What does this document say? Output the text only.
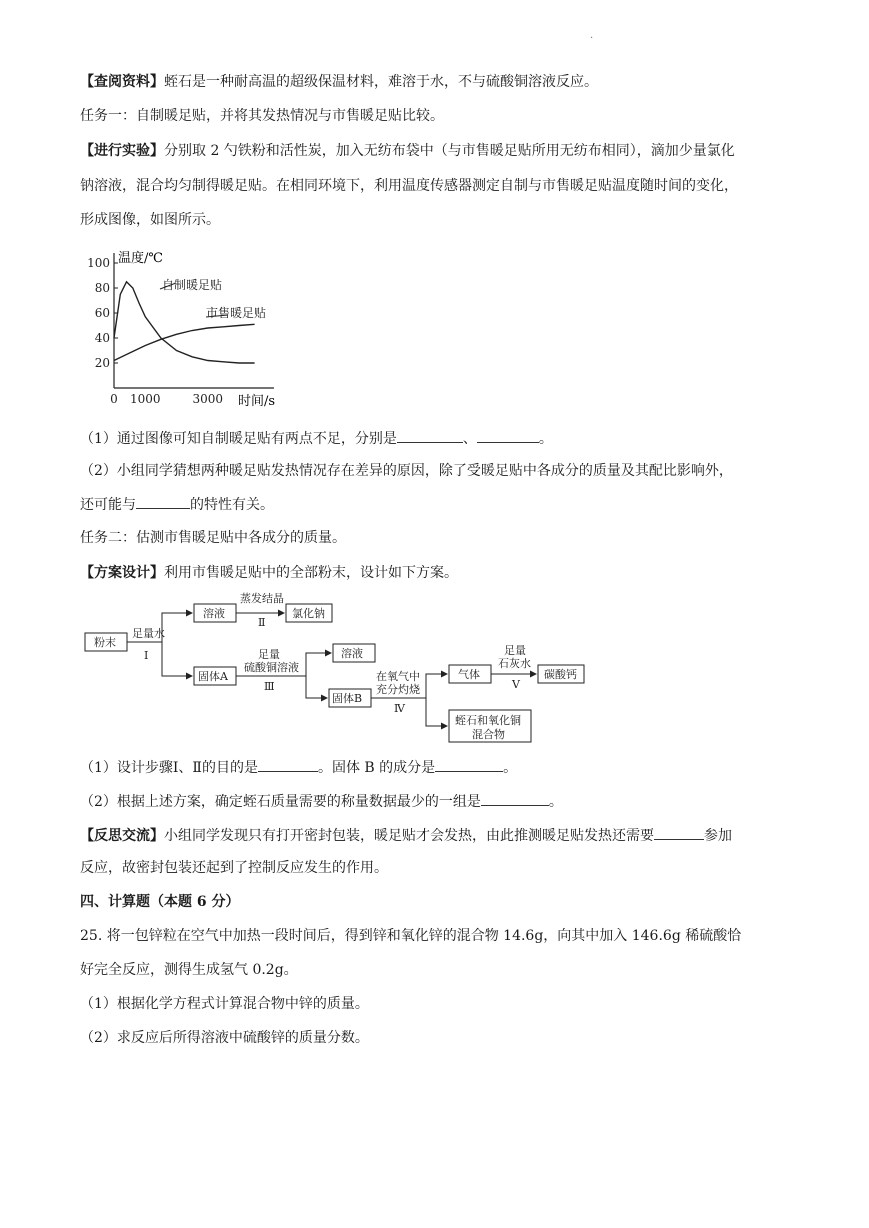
.
【查阅资料】蛭石是一种耐高温的超级保温材料，难溶于水，不与硫酸铜溶液反应。
任务一：自制暖足贴，并将其发热情况与市售暖足贴比较。
【进行实验】分别取 2 勺铁粉和活性炭，加入无纺布袋中（与市售暖足贴所用无纺布相同），滴加少量氯化
钠溶液，混合均匀制得暖足贴。在相同环境下，利用温度传感器测定自制与市售暖足贴温度随时间的变化，
形成图像，如图所示。
100
80
60
40
20
0 1000	3000
自制暖足贴
市售暖足贴
温度/℃
时间/s
（1）通过图像可知自制暖足贴有两点不足，分别是	、	。
（2）小组同学猜想两种暖足贴发热情况存在差异的原因，除了受暖足贴中各成分的质量及其配比影响外，
还可能与	的特性有关。
任务二：估测市售暖足贴中各成分的质量。
【方案设计】利用市售暖足贴中的全部粉末，设计如下方案。
粉末
足量水
Ⅰ
溶液
蒸发结晶
Ⅱ
氯化钠
固体A
足量
硫酸铜溶液
Ⅲ
溶液
固体B
在氧气中
充分灼烧
Ⅳ
气体
足量
石灰水
Ⅴ
碳酸钙
蛭石和氧化铜
混合物
（1）设计步骤Ⅰ、Ⅱ的目的是	。固体 B 的成分是	。
（2）根据上述方案，确定蛭石质量需要的称量数据最少的一组是	。
【反思交流】小组同学发现只有打开密封包装，暖足贴才会发热，由此推测暖足贴发热还需要	参加
反应，故密封包装还起到了控制反应发生的作用。
四、计算题（本题 6 分）
25. 将一包锌粒在空气中加热一段时间后，得到锌和氧化锌的混合物 14.6g，向其中加入 146.6g 稀硫酸恰
好完全反应，测得生成氢气 0.2g。
（1）根据化学方程式计算混合物中锌的质量。
（2）求反应后所得溶液中硫酸锌的质量分数。
